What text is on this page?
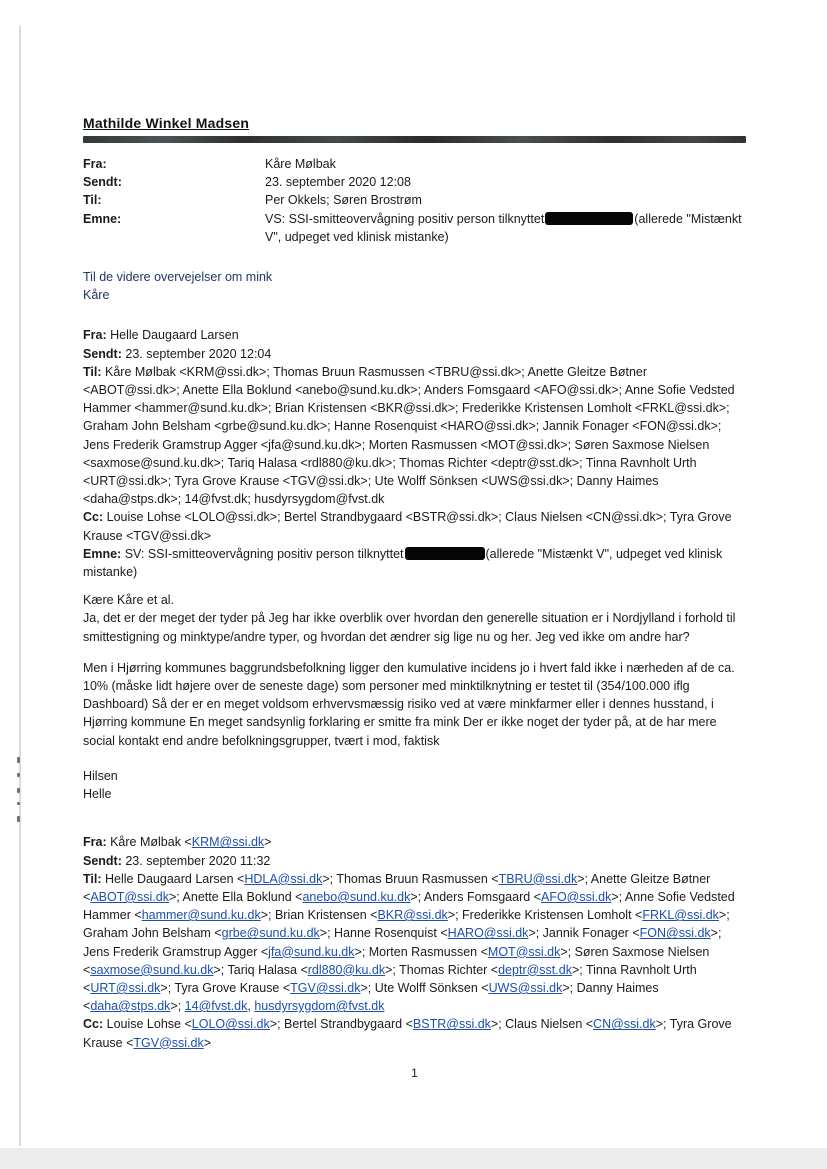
Mathilde Winkel Madsen
Fra:	Kåre Mølbak
Sendt:	23. september 2020 12:08
Til:	Per Okkels; Søren Brostrøm
Emne:	VS: SSI-smitteovervågning positiv person tilknyttet	(allerede "Mistænkt V", udpeget ved klinisk mistanke)

Til de videre overvejelser om mink

Kåre

Fra: Helle Daugaard Larsen

Sendt: 23. september 2020 12:04

Til: Kåre Mølbak <KRM@ssi.dk>; Thomas Bruun Rasmussen <TBRU@ssi.dk>; Anette Gleitze Bøtner <ABOT@ssi.dk>; Anette Ella Boklund <anebo@sund.ku.dk>; Anders Fomsgaard <AFO@ssi.dk>; Anne Sofie Vedsted Hammer <hammer@sund.ku.dk>; Brian Kristensen <BKR@ssi.dk>; Frederikke Kristensen Lomholt <FRKL@ssi.dk>; Graham John Belsham <grbe@sund.ku.dk>; Hanne Rosenquist <HARO@ssi.dk>; Jannik Fonager <FON@ssi.dk>; Jens Frederik Gramstrup Agger <jfa@sund.ku.dk>; Morten Rasmussen <MOT@ssi.dk>; Søren Saxmose Nielsen <saxmose@sund.ku.dk>; Tariq Halasa <rdl880@ku.dk>; Thomas Richter <deptr@sst.dk>; Tinna Ravnholt Urth <URT@ssi.dk>; Tyra Grove Krause <TGV@ssi.dk>; Ute Wolff Sönksen <UWS@ssi.dk>; Danny Haimes <daha@stps.dk>; 14@fvst.dk; husdyrsygdom@fvst.dk

Cc: Louise Lohse <LOLO@ssi.dk>; Bertel Strandbygaard <BSTR@ssi.dk>; Claus Nielsen <CN@ssi.dk>; Tyra Grove Krause <TGV@ssi.dk>

Emne: SV: SSI-smitteovervågning positiv person tilknyttet	(allerede "Mistænkt V", udpeget ved klinisk mistanke)

Kære Kåre et al.

Ja, det er der meget der tyder på Jeg har ikke overblik over hvordan den generelle situation er i Nordjylland i forhold til smittestigning og minktype/andre typer, og hvordan det ændrer sig lige nu og her. Jeg ved ikke om andre har?

Men i Hjørring kommunes baggrundsbefolkning ligger den kumulative incidens jo i hvert fald ikke i nærheden af de ca. 10% (måske lidt højere over de seneste dage) som personer med minktilknytning er testet til (354/100.000 iflg Dashboard) Så der er en meget voldsom erhvervsmæssig risiko ved at være minkfarmer eller i dennes husstand, i Hjørring kommune En meget sandsynlig forklaring er smitte fra mink Der er ikke noget der tyder på, at de har mere social kontakt end andre befolkningsgrupper, tvært i mod, faktisk

Hilsen

Helle

Fra: Kåre Mølbak <KRM@ssi.dk>

Sendt: 23. september 2020 11:32

Til: Helle Daugaard Larsen <HDLA@ssi.dk>; Thomas Bruun Rasmussen <TBRU@ssi.dk>; Anette Gleitze Bøtner <ABOT@ssi.dk>; Anette Ella Boklund <anebo@sund.ku.dk>; Anders Fomsgaard <AFO@ssi.dk>; Anne Sofie Vedsted Hammer <hammer@sund.ku.dk>; Brian Kristensen <BKR@ssi.dk>; Frederikke Kristensen Lomholt <FRKL@ssi.dk>; Graham John Belsham <grbe@sund.ku.dk>; Hanne Rosenquist <HARO@ssi.dk>; Jannik Fonager <FON@ssi.dk>; Jens Frederik Gramstrup Agger <jfa@sund.ku.dk>; Morten Rasmussen <MOT@ssi.dk>; Søren Saxmose Nielsen <saxmose@sund.ku.dk>; Tariq Halasa <rdl880@ku.dk>; Thomas Richter <deptr@sst.dk>; Tinna Ravnholt Urth <URT@ssi.dk>; Tyra Grove Krause <TGV@ssi.dk>; Ute Wolff Sönksen <UWS@ssi.dk>; Danny Haimes <daha@stps.dk>; 14@fvst.dk, husdyrsygdom@fvst.dk

Cc: Louise Lohse <LOLO@ssi.dk>; Bertel Strandbygaard <BSTR@ssi.dk>; Claus Nielsen <CN@ssi.dk>; Tyra Grove Krause <TGV@ssi.dk>

1
